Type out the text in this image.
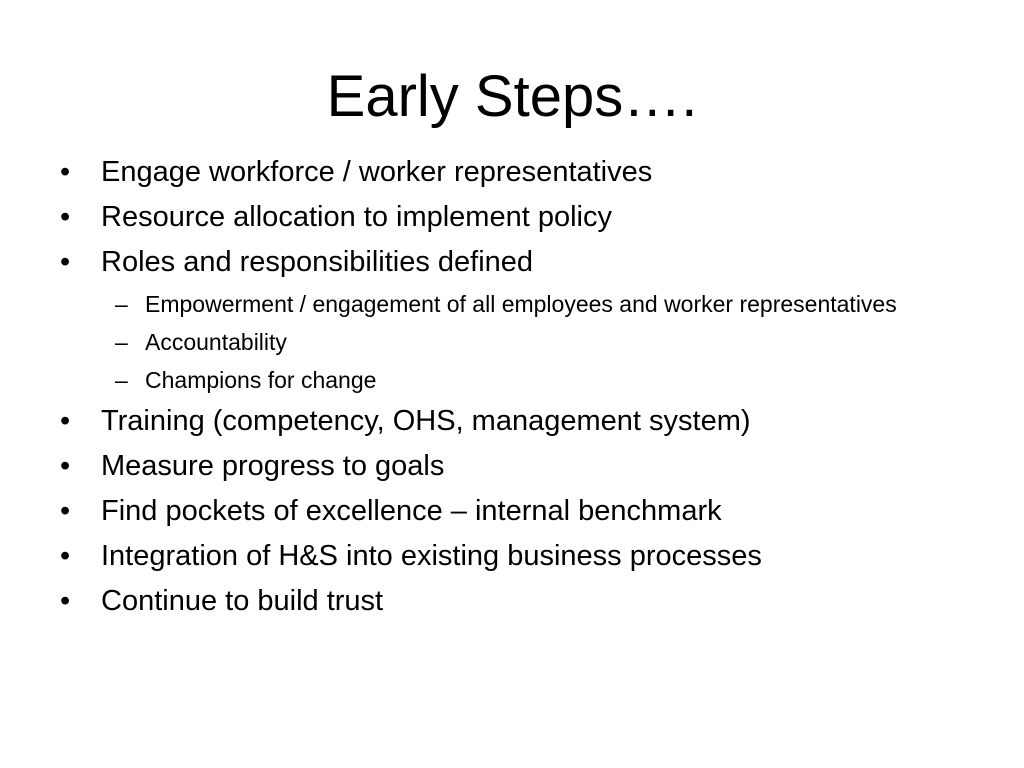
Early Steps….
•	Engage workforce / worker representatives
•	Resource allocation to implement policy
•	Roles and responsibilities defined
– Empowerment / engagement of all employees and worker representatives
– Accountability
– Champions for change
•	Training (competency, OHS, management system)
•	Measure progress to goals
•	Find pockets of excellence – internal benchmark
•	Integration of H&S into existing business processes
•	Continue to build trust
